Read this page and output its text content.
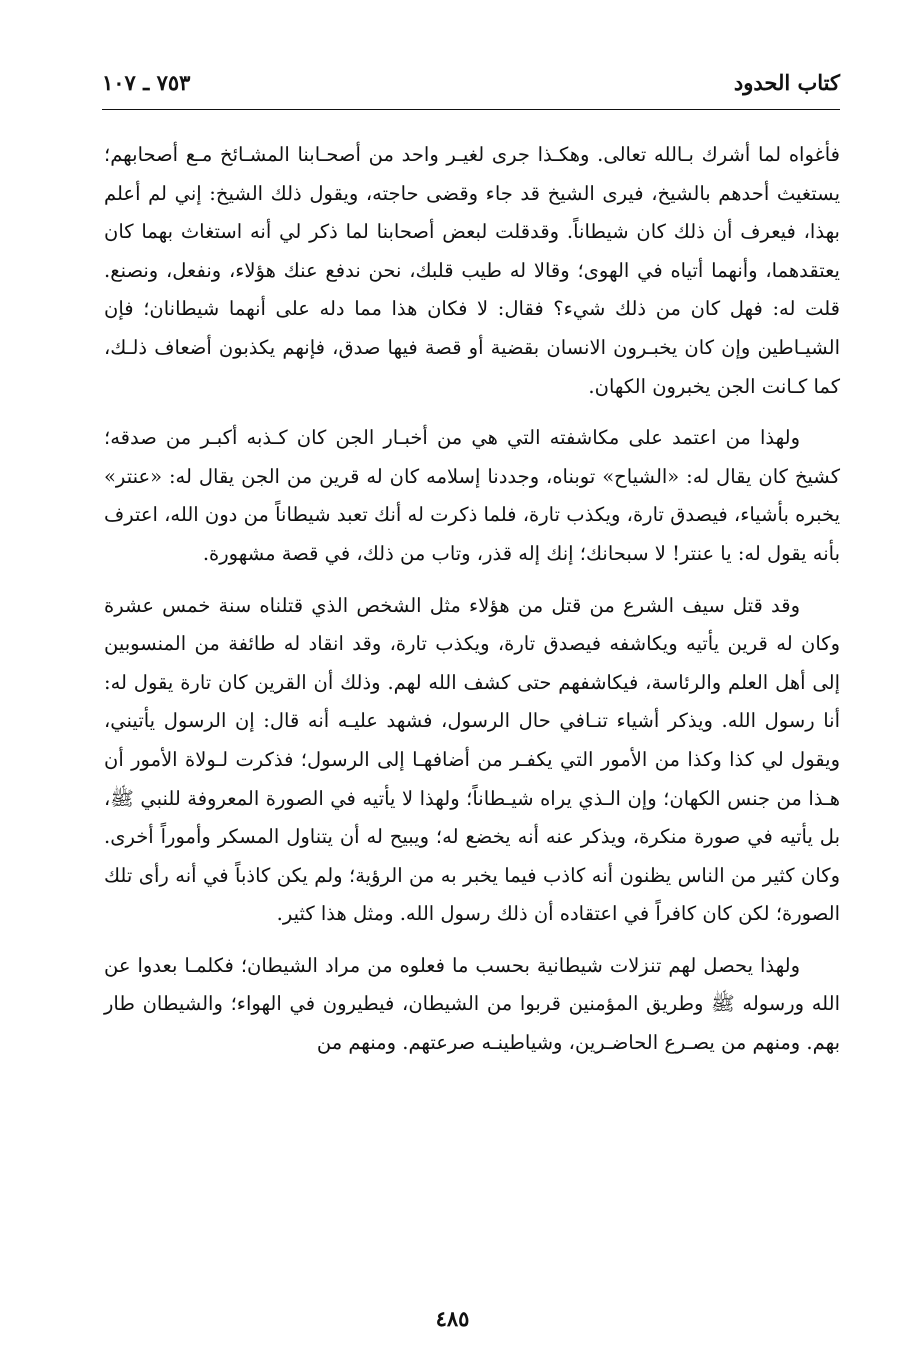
كتاب الحدود
٧٥٣ ـ ١٠٧

فأغواه لما أشرك بـالله تعالى. وهكـذا جرى لغيـر واحد من أصحـابنا المشـائخ مـع أصحابهم؛ يستغيث أحدهم بالشيخ، فيرى الشيخ قد جاء وقضى حاجته، ويقول ذلك الشيخ: إني لم أعلم بهذا، فيعرف أن ذلك كان شيطاناً. وقدقلت لبعض أصحابنا لما ذكر لي أنه استغاث بهما كان يعتقدهما، وأنهما أتياه في الهوى؛ وقالا له طيب قلبك، نحن ندفع عنك هؤلاء، ونفعل، ونصنع. قلت له: فهل كان من ذلك شيء؟ فقال: لا فكان هذا مما دله على أنهما شيطانان؛ فإن الشيـاطين وإن كان يخبـرون الانسان بقضية أو قصة فيها صدق، فإنهم يكذبون أضعاف ذلـك، كما كـانت الجن يخبرون الكهان.

ولهذا من اعتمد على مكاشفته التي هي من أخبـار الجن كان كـذبه أكبـر من صدقه؛ كشيخ كان يقال له: «الشياح» توبناه، وجددنا إسلامه كان له قرين من الجن يقال له: «عنتر» يخبره بأشياء، فيصدق تارة، ويكذب تارة، فلما ذكرت له أنك تعبد شيطاناً من دون الله، اعترف بأنه يقول له: يا عنتر! لا سبحانك؛ إنك إله قذر، وتاب من ذلك، في قصة مشهورة.

وقد قتل سيف الشرع من قتل من هؤلاء مثل الشخص الذي قتلناه سنة خمس عشرة وكان له قرين يأتيه ويكاشفه فيصدق تارة، ويكذب تارة، وقد انقاد له طائفة من المنسوبين إلى أهل العلم والرئاسة، فيكاشفهم حتى كشف الله لهم. وذلك أن القرين كان تارة يقول له: أنا رسول الله. ويذكر أشياء تنـافي حال الرسول، فشهد عليـه أنه قال: إن الرسول يأتيني، ويقول لي كذا وكذا من الأمور التي يكفـر من أضافهـا إلى الرسول؛ فذكرت لـولاة الأمور أن هـذا من جنس الكهان؛ وإن الـذي يراه شيـطاناً؛ ولهذا لا يأتيه في الصورة المعروفة للنبي ﷺ، بل يأتيه في صورة منكرة، ويذكر عنه أنه يخضع له؛ ويبيح له أن يتناول المسكر وأموراً أخرى. وكان كثير من الناس يظنون أنه كاذب فيما يخبر به من الرؤية؛ ولم يكن كاذباً في أنه رأى تلك الصورة؛ لكن كان كافراً في اعتقاده أن ذلك رسول الله. ومثل هذا كثير.

ولهذا يحصل لهم تنزلات شيطانية بحسب ما فعلوه من مراد الشيطان؛ فكلمـا بعدوا عن الله ورسوله ﷺ وطريق المؤمنين قربوا من الشيطان، فيطيرون في الهواء؛ والشيطان طار بهم. ومنهم من يصـرع الحاضـرين، وشياطينـه صرعتهم. ومنهم من

٤٨٥
